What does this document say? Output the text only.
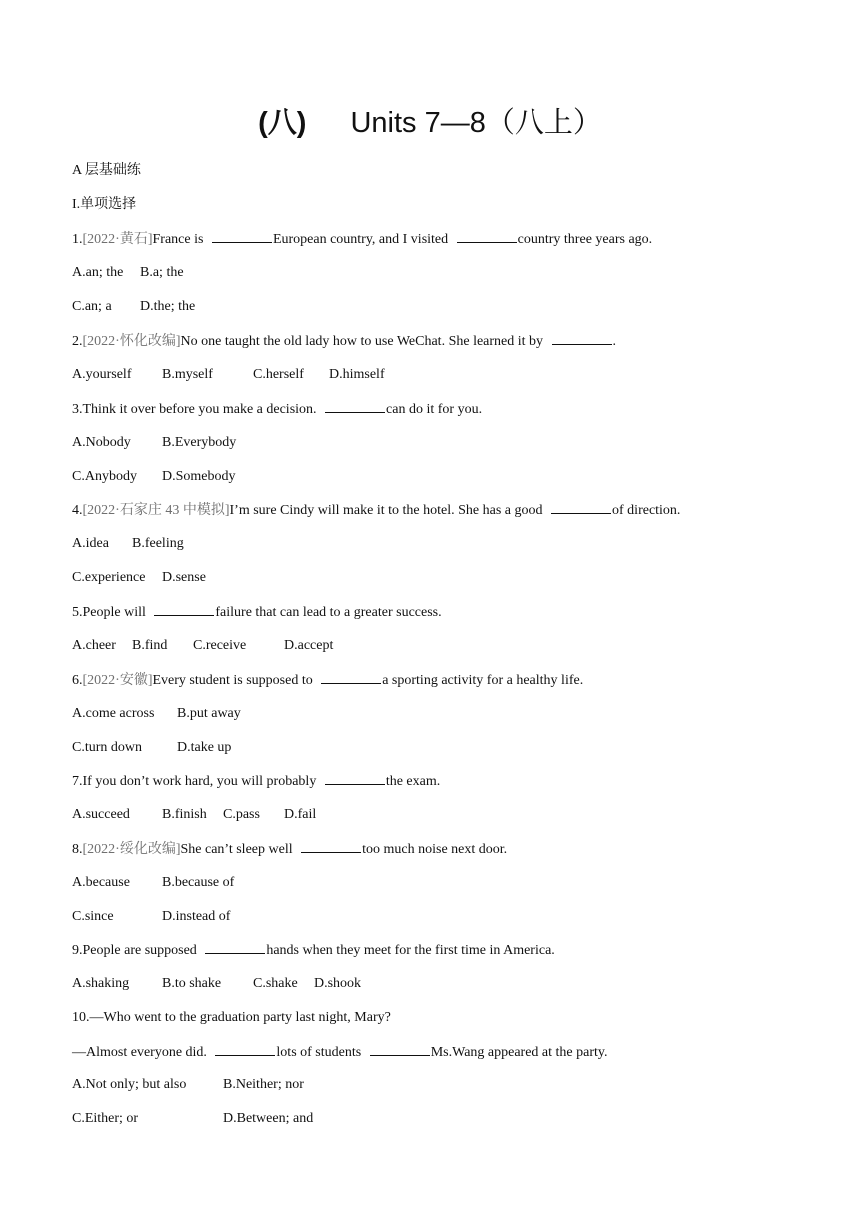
(八) Units 7—8（八上）
A 层基础练
I.单项选择
1.[2022·黄石]France is	European country, and I visited	country three years ago.
A.an; the B.a; the
C.an; a D.the; the
2.[2022·怀化改编]No one taught the old lady how to use WeChat. She learned it by	.
A.yourself B.myself	C.herself D.himself
3.Think it over before you make a decision.	can do it for you.
A.Nobody B.Everybody
C.Anybody D.Somebody
4.[2022·石家庄 43 中模拟]I’m sure Cindy will make it to the hotel. She has a good	of direction.
A.idea B.feeling
C.experience D.sense
5.People will	failure that can lead to a greater success.
A.cheer B.find C.receive	D.accept
6.[2022·安徽]Every student is supposed to	a sporting activity for a healthy life.
A.come across B.put away
C.turn down	D.take up
7.If you don’t work hard, you will probably	the exam.
A.succeed B.finish C.pass D.fail
8.[2022·绥化改编]She can’t sleep well	too much noise next door.
A.because B.because of
C.since	D.instead of
9.People are supposed	hands when they meet for the first time in America.
A.shaking B.to shake C.shake D.shook
10.—Who went to the graduation party last night, Mary?
—Almost everyone did.	lots of students	Ms.Wang appeared at the party.
A.Not only; but also	B.Neither; nor
C.Either; or	D.Between; and
